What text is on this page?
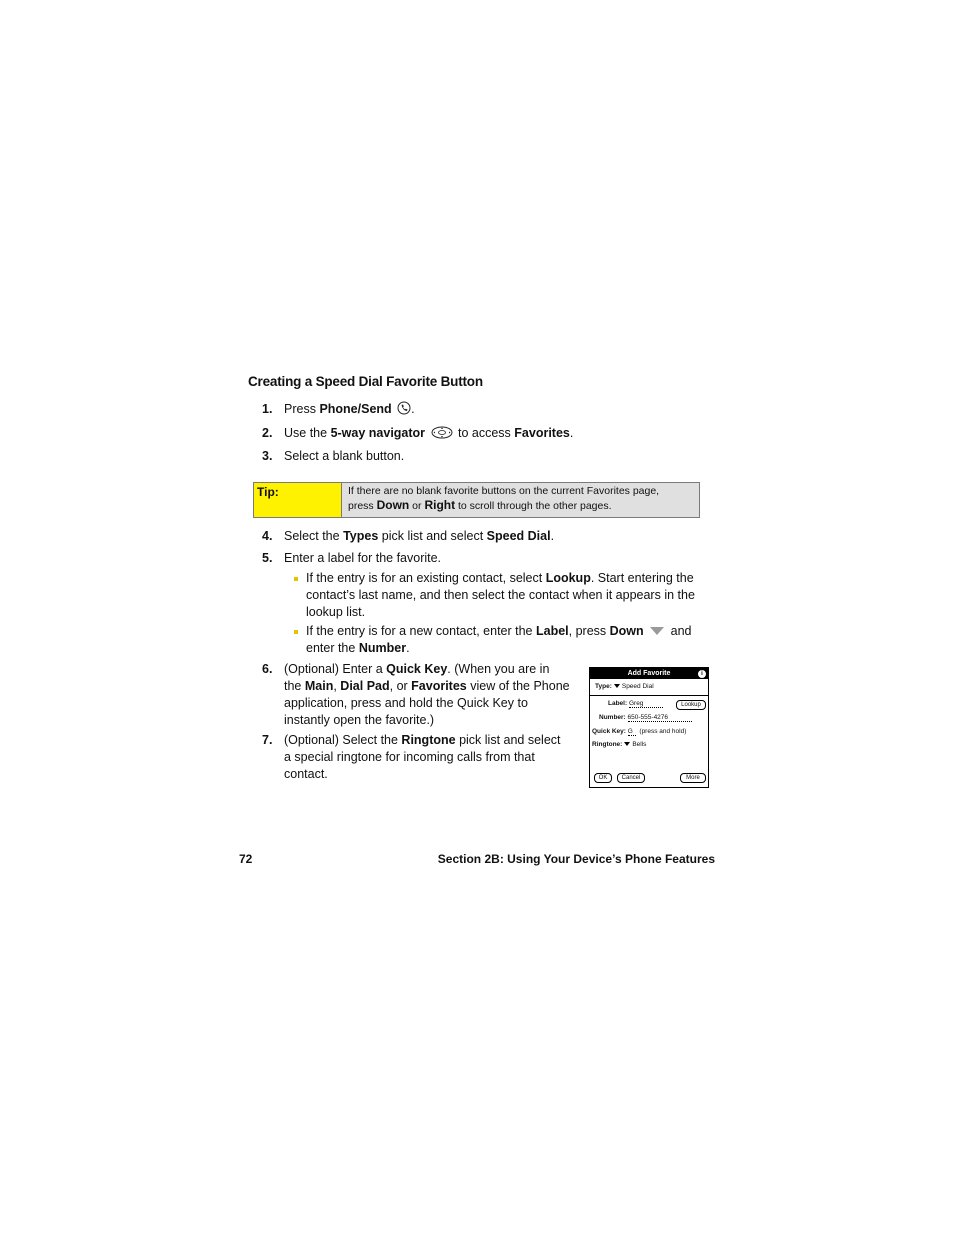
Creating a Speed Dial Favorite Button
1. Press Phone/Send .
2. Use the 5-way navigator  to access Favorites.
3. Select a blank button.
Tip:	If there are no blank favorite buttons on the current Favorites page,
press Down or Right to scroll through the other pages.
4. Select the Types pick list and select Speed Dial.
5. Enter a label for the favorite.
If the entry is for an existing contact, select Lookup. Start entering the
contact’s last name, and then select the contact when it appears in the
lookup list.
If the entry is for a new contact, enter the Label, press Down  and
enter the Number.
6. (Optional) Enter a Quick Key. (When you are in
the Main, Dial Pad, or Favorites view of the Phone
application, press and hold the Quick Key to
instantly open the favorite.)
7. (Optional) Select the Ringtone pick list and select
a special ringtone for incoming calls from that
contact.
Add Favorite	i
Type: Speed Dial
Label: Greg	Lookup
Number: 650-555-4276
Quick Key: G (press and hold)
Ringtone: Bells
OK	Cancel	More
72	Section 2B: Using Your Device’s Phone Features
